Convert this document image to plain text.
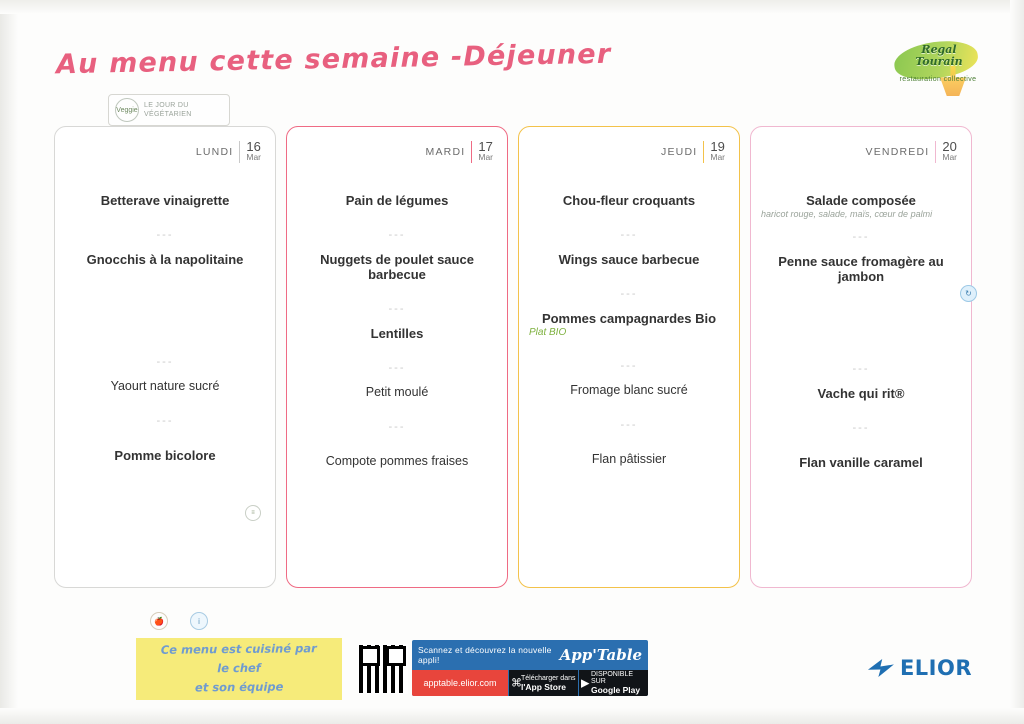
Au menu cette semaine -Déjeuner	Regal
Tourain
restauration collective
Veggie
LE JOUR DU
VÉGÉTARIEN
LUNDI 16
Mar
Betterave vinaigrette
---
Gnocchis à la napolitaine
---
Yaourt nature sucré
---
Pomme bicolore
≡
MARDI 17
Mar
Pain de légumes
---
Nuggets de poulet sauce barbecue
---
Lentilles
---
Petit moulé
---
Compote pommes fraises
JEUDI 19
Mar
Chou-fleur croquants
---
Wings sauce barbecue
---
Pommes campagnardes Bio
Plat BIO
---
Fromage blanc sucré
---
Flan pâtissier
VENDREDI 20
Mar
Salade composée
haricot rouge, salade, maïs, cœur de palmi
---
Penne sauce fromagère au jambon
---
Vache qui rit®
---
Flan vanille caramel
↻
🍎	i
Ce menu est cuisiné par
le chef
et son équipe
Scannez et découvrez la nouvelle appli!	App'Table
apptable.elior.com	⌘ Télécharger dans
l'App Store	▶
DISPONIBLE SUR
Google Play
ELIOR
